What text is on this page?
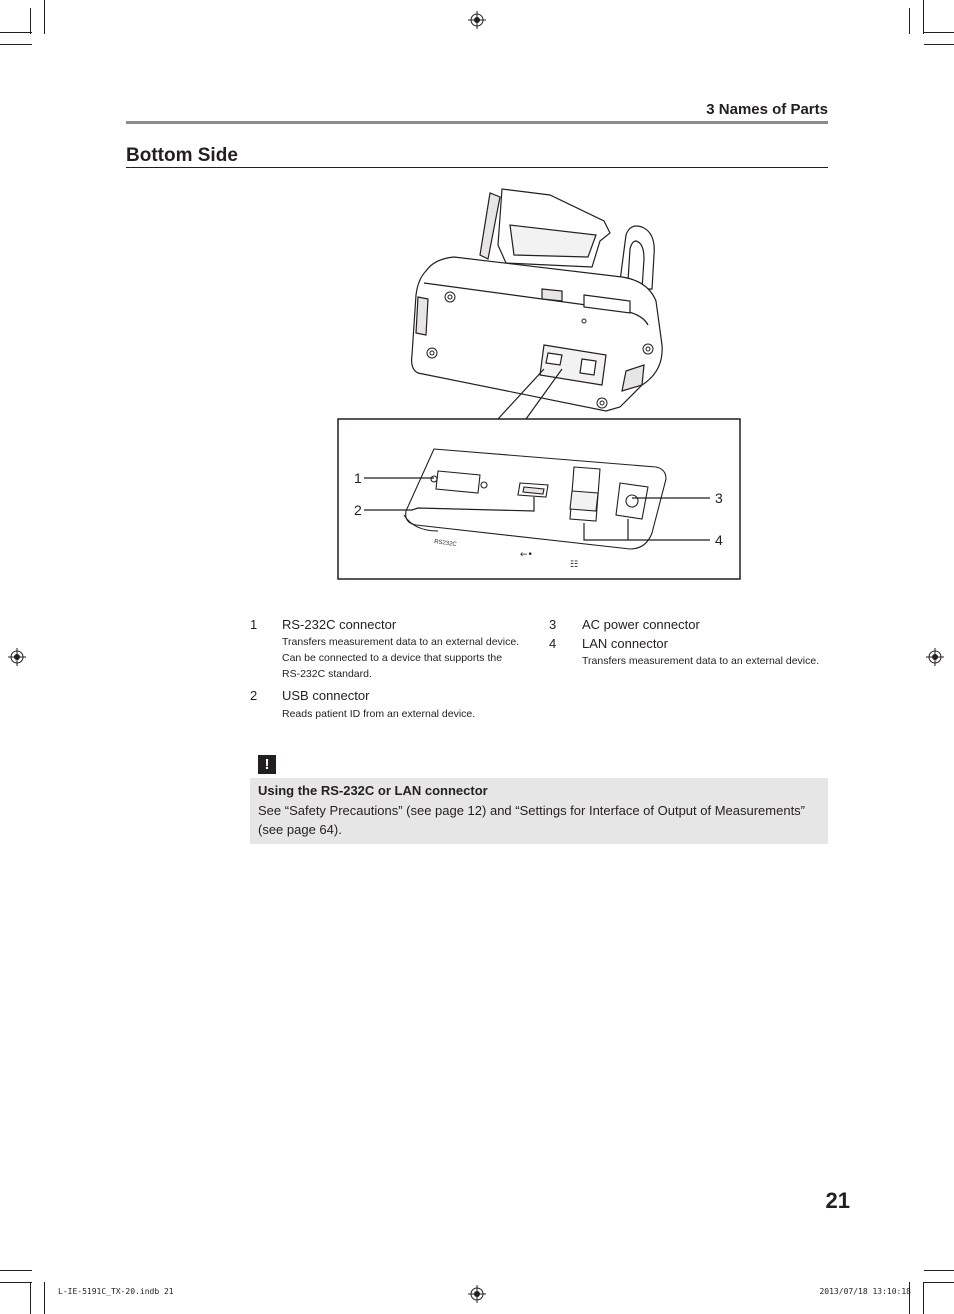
3 Names of Parts
Bottom Side
RS232C
←•
☷
1
2
3
4
1 RS-232C connector
Transfers measurement data to an external device.
Can be connected to a device that supports the
RS-232C standard.
2 USB connector
Reads patient ID from an external device.
3 AC power connector
4 LAN connector
Transfers measurement data to an external device.
!
Using the RS-232C or LAN connector
See “Safety Precautions” (see page 12) and “Settings for Interface of Output of Measurements” (see page 64).
21
L-IE-5191C_TX-20.indb 21	2013/07/18 13:10:18
